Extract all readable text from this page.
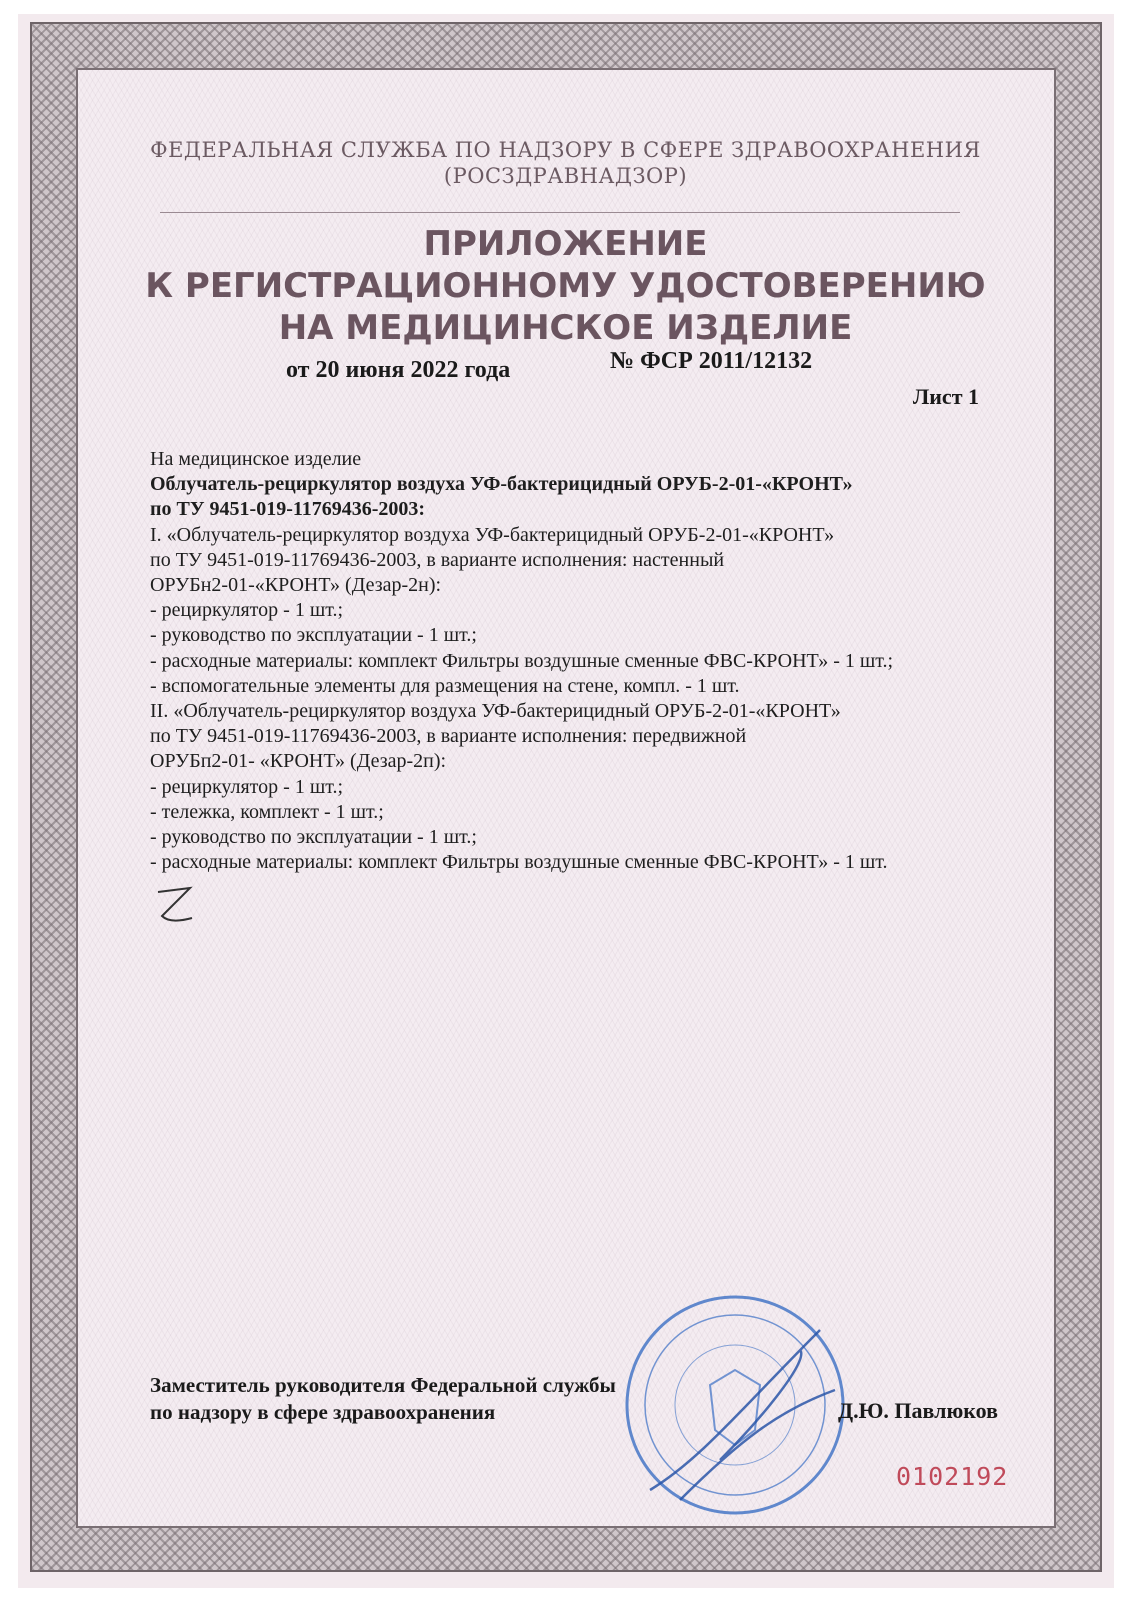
ФЕДЕРАЛЬНАЯ СЛУЖБА ПО НАДЗОРУ В СФЕРЕ ЗДРАВООХРАНЕНИЯ
(РОСЗДРАВНАДЗОР)
ПРИЛОЖЕНИЕ
К РЕГИСТРАЦИОННОМУ УДОСТОВЕРЕНИЮ
НА МЕДИЦИНСКОЕ ИЗДЕЛИЕ
от 20 июня 2022 года	№ ФСР 2011/12132
Лист 1
На медицинское изделие
Облучатель-рециркулятор воздуха УФ-бактерицидный ОРУБ-2-01-«КРОНТ»
по ТУ 9451-019-11769436-2003:
I. «Облучатель-рециркулятор воздуха УФ-бактерицидный ОРУБ-2-01-«КРОНТ»
по ТУ 9451-019-11769436-2003, в варианте исполнения: настенный
ОРУБн2-01-«КРОНТ» (Дезар-2н):
- рециркулятор - 1 шт.;
- руководство по эксплуатации - 1 шт.;
- расходные материалы: комплект Фильтры воздушные сменные ФВС-КРОНТ» - 1 шт.;
- вспомогательные элементы для размещения на стене, компл. - 1 шт.
II. «Облучатель-рециркулятор воздуха УФ-бактерицидный ОРУБ-2-01-«КРОНТ»
по ТУ 9451-019-11769436-2003, в варианте исполнения: передвижной
ОРУБп2-01- «КРОНТ» (Дезар-2п):
- рециркулятор - 1 шт.;
- тележка, комплект - 1 шт.;
- руководство по эксплуатации - 1 шт.;
- расходные материалы: комплект Фильтры воздушные сменные ФВС-КРОНТ» - 1 шт.
Заместитель руководителя Федеральной службы
по надзору в сфере здравоохранения	Д.Ю. Павлюков
0102192
